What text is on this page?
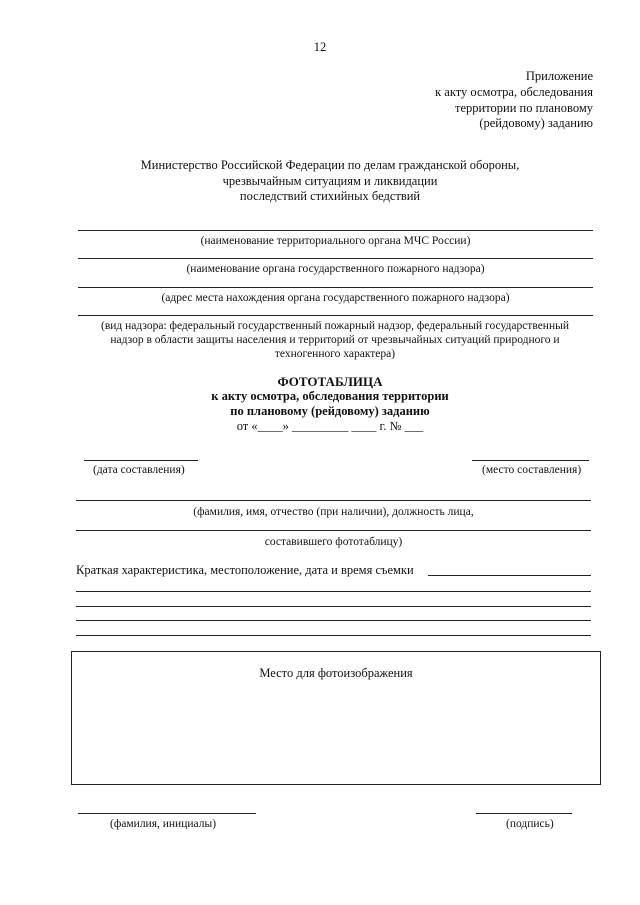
12
Приложение
к акту осмотра, обследования
территории по плановому
(рейдовому) заданию
Министерство Российской Федерации по делам гражданской обороны,
чрезвычайным ситуациям и ликвидации
последствий стихийных бедствий
(наименование территориального органа МЧС России)
(наименование органа государственного пожарного надзора)
(адрес места нахождения органа государственного пожарного надзора)
(вид надзора: федеральный государственный пожарный надзор, федеральный государственный
надзор в области защиты населения и территорий от чрезвычайных ситуаций природного и
техногенного характера)
ФОТОТАБЛИЦА
к акту осмотра, обследования территории
по плановому (рейдовому) заданию
от «____» _________ ____ г. № ___
(дата составления)	(место составления)
(фамилия, имя, отчество (при наличии), должность лица,
составившего фототаблицу)
Краткая характеристика, местоположение, дата и время съемки
Место для фотоизображения
(фамилия, инициалы)	(подпись)
